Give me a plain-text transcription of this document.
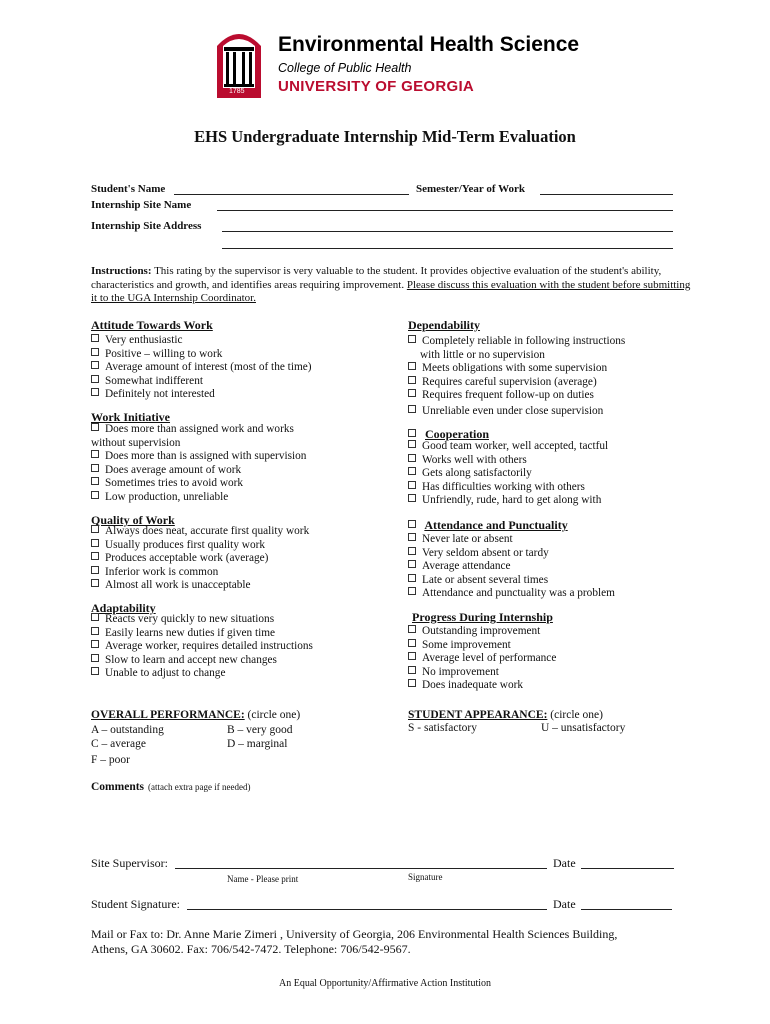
1785
Environmental Health Science
College of Public Health
UNIVERSITY OF GEORGIA
EHS Undergraduate Internship Mid-Term Evaluation
Student's Name	Semester/Year of Work
Internship Site Name
Internship Site Address
Instructions: This rating by the supervisor is very valuable to the student. It provides objective evaluation of the student's ability, characteristics and growth, and identifies areas requiring improvement. Please discuss this evaluation with the student before submitting it to the UGA Internship Coordinator.
Attitude Towards Work
Very enthusiastic
Positive – willing to work
Average amount of interest (most of the time)
Somewhat indifferent
Definitely not interested
Work Initiative
Does more than assigned work and works
without supervision
Does more than is assigned with supervision
Does average amount of work
Sometimes tries to avoid work
Low production, unreliable
Quality of Work
Always does neat, accurate first quality work
Usually produces first quality work
Produces acceptable work (average)
Inferior work is common
Almost all work is unacceptable
Adaptability
Reacts very quickly to new situations
Easily learns new duties if given time
Average worker, requires detailed instructions
Slow to learn and accept new changes
Unable to adjust to change
Dependability
Completely reliable in following instructions
with little or no supervision
Meets obligations with some supervision
Requires careful supervision (average)
Requires frequent follow-up on duties
Unreliable even under close supervision
Cooperation
Good team worker, well accepted, tactful
Works well with others
Gets along satisfactorily
Has difficulties working with others
Unfriendly, rude, hard to get along with
Attendance and Punctuality
Never late or absent
Very seldom absent or tardy
Average attendance
Late or absent several times
Attendance and punctuality was a problem
Progress During Internship
Outstanding improvement
Some improvement
Average level of performance
No improvement
Does inadequate work
OVERALL PERFORMANCE: (circle one)
A – outstanding	B – very good
C – average	D – marginal
F – poor
STUDENT APPEARANCE: (circle one)
S - satisfactory	U – unsatisfactory
Comments (attach extra page if needed)
Site Supervisor:	Date
Name - Please print	Signature
Student Signature:	Date
Mail or Fax to: Dr. Anne Marie Zimeri , University of Georgia, 206 Environmental Health Sciences Building,
Athens, GA 30602. Fax: 706/542-7472. Telephone: 706/542-9567.
An Equal Opportunity/Affirmative Action Institution
